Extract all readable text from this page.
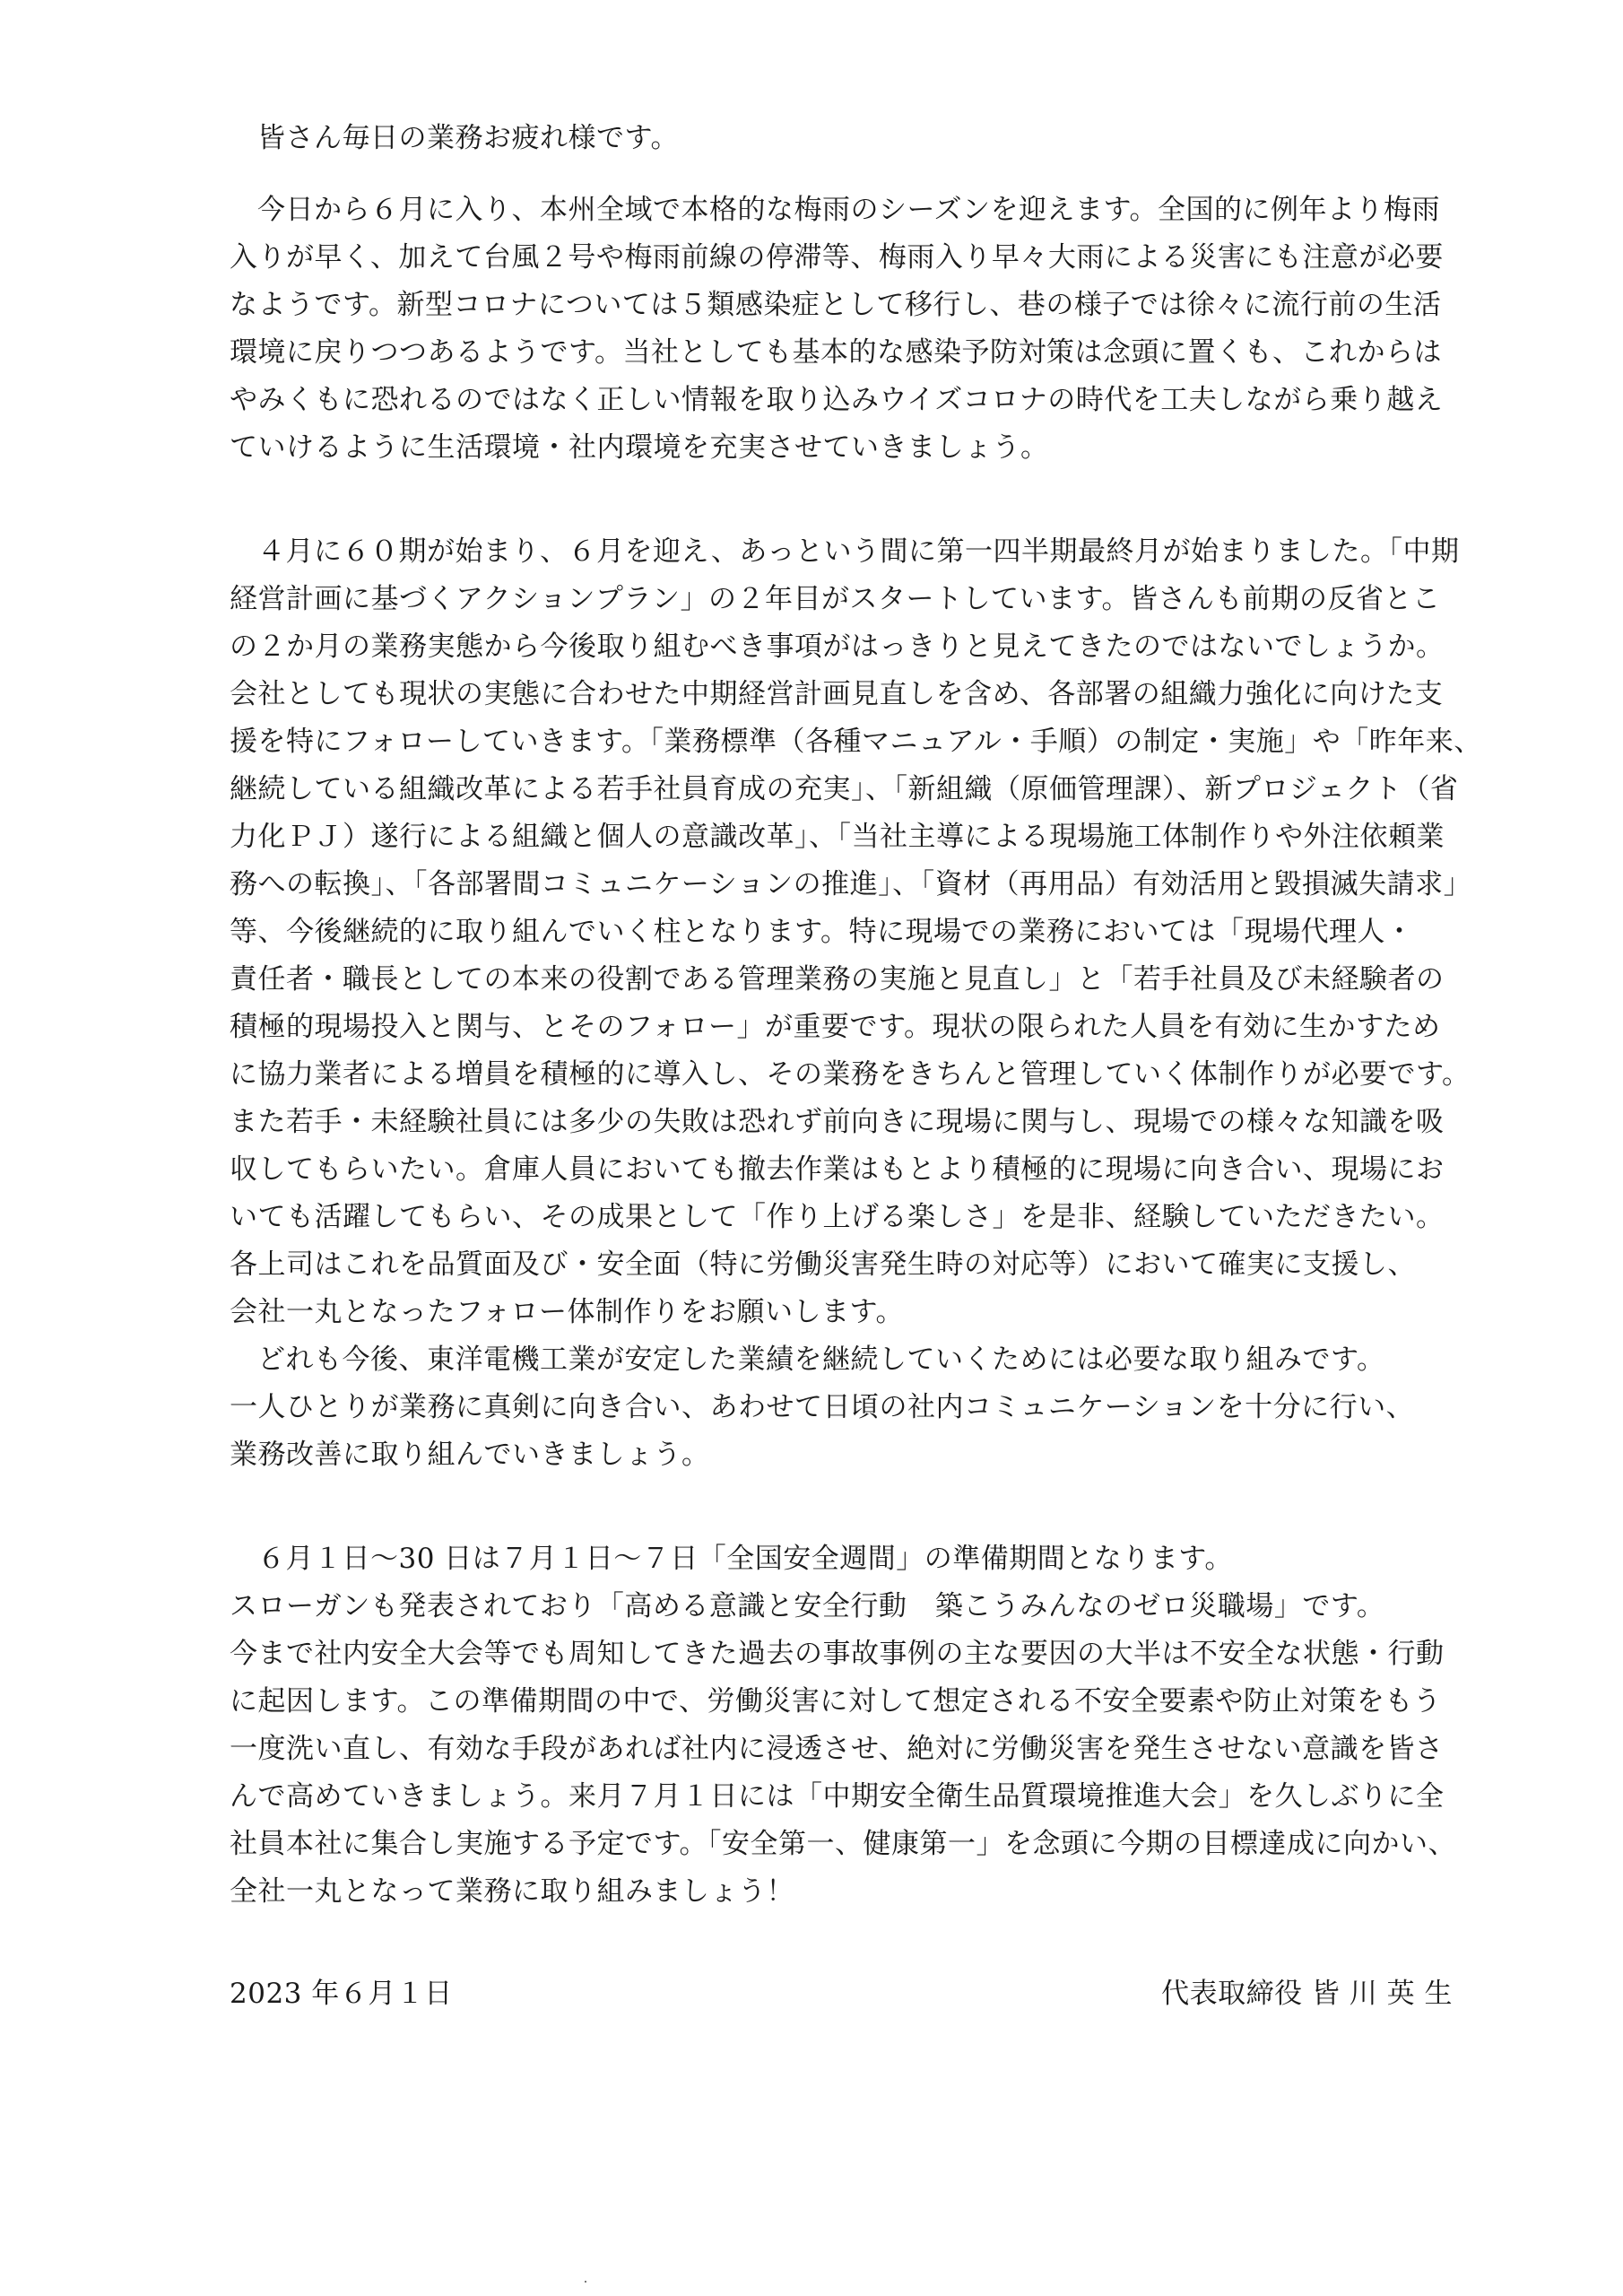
皆さん毎日の業務お疲れ様です。
今日から６月に入り、本州全域で本格的な梅雨のシーズンを迎えます。全国的に例年より梅雨
入りが早く、加えて台風２号や梅雨前線の停滞等、梅雨入り早々大雨による災害にも注意が必要
なようです。新型コロナについては５類感染症として移行し、巷の様子では徐々に流行前の生活
環境に戻りつつあるようです。当社としても基本的な感染予防対策は念頭に置くも、これからは
やみくもに恐れるのではなく正しい情報を取り込みウイズコロナの時代を工夫しながら乗り越え
ていけるように生活環境・社内環境を充実させていきましょう。
４月に６０期が始まり、６月を迎え、あっという間に第一四半期最終月が始まりました。「中期
経営計画に基づくアクションプラン」の２年目がスタートしています。皆さんも前期の反省とこ
の２か月の業務実態から今後取り組むべき事項がはっきりと見えてきたのではないでしょうか。
会社としても現状の実態に合わせた中期経営計画見直しを含め、各部署の組織力強化に向けた支
援を特にフォローしていきます。「業務標準（各種マニュアル・手順）の制定・実施」や「昨年来、
継続している組織改革による若手社員育成の充実」、「新組織（原価管理課）、新プロジェクト（省
力化ＰＪ）遂行による組織と個人の意識改革」、「当社主導による現場施工体制作りや外注依頼業
務への転換」、「各部署間コミュニケーションの推進」、「資材（再用品）有効活用と毀損滅失請求」
等、今後継続的に取り組んでいく柱となります。特に現場での業務においては「現場代理人・
責任者・職長としての本来の役割である管理業務の実施と見直し」と「若手社員及び未経験者の
積極的現場投入と関与、とそのフォロー」が重要です。現状の限られた人員を有効に生かすため
に協力業者による増員を積極的に導入し、その業務をきちんと管理していく体制作りが必要です。
また若手・未経験社員には多少の失敗は恐れず前向きに現場に関与し、現場での様々な知識を吸
収してもらいたい。倉庫人員においても撤去作業はもとより積極的に現場に向き合い、現場にお
いても活躍してもらい、その成果として「作り上げる楽しさ」を是非、経験していただきたい。
各上司はこれを品質面及び・安全面（特に労働災害発生時の対応等）において確実に支援し、
会社一丸となったフォロー体制作りをお願いします。
どれも今後、東洋電機工業が安定した業績を継続していくためには必要な取り組みです。
一人ひとりが業務に真剣に向き合い、あわせて日頃の社内コミュニケーションを十分に行い、
業務改善に取り組んでいきましょう。
６月１日～30 日は７月１日～７日「全国安全週間」の準備期間となります。
スローガンも発表されており「高める意識と安全行動　築こうみんなのゼロ災職場」です。
今まで社内安全大会等でも周知してきた過去の事故事例の主な要因の大半は不安全な状態・行動
に起因します。この準備期間の中で、労働災害に対して想定される不安全要素や防止対策をもう
一度洗い直し、有効な手段があれば社内に浸透させ、絶対に労働災害を発生させない意識を皆さ
んで高めていきましょう。来月７月１日には「中期安全衛生品質環境推進大会」を久しぶりに全
社員本社に集合し実施する予定です。「安全第一、健康第一」を念頭に今期の目標達成に向かい、
全社一丸となって業務に取り組みましょう！
2023 年６月１日	代表取締役 皆 川 英 生
